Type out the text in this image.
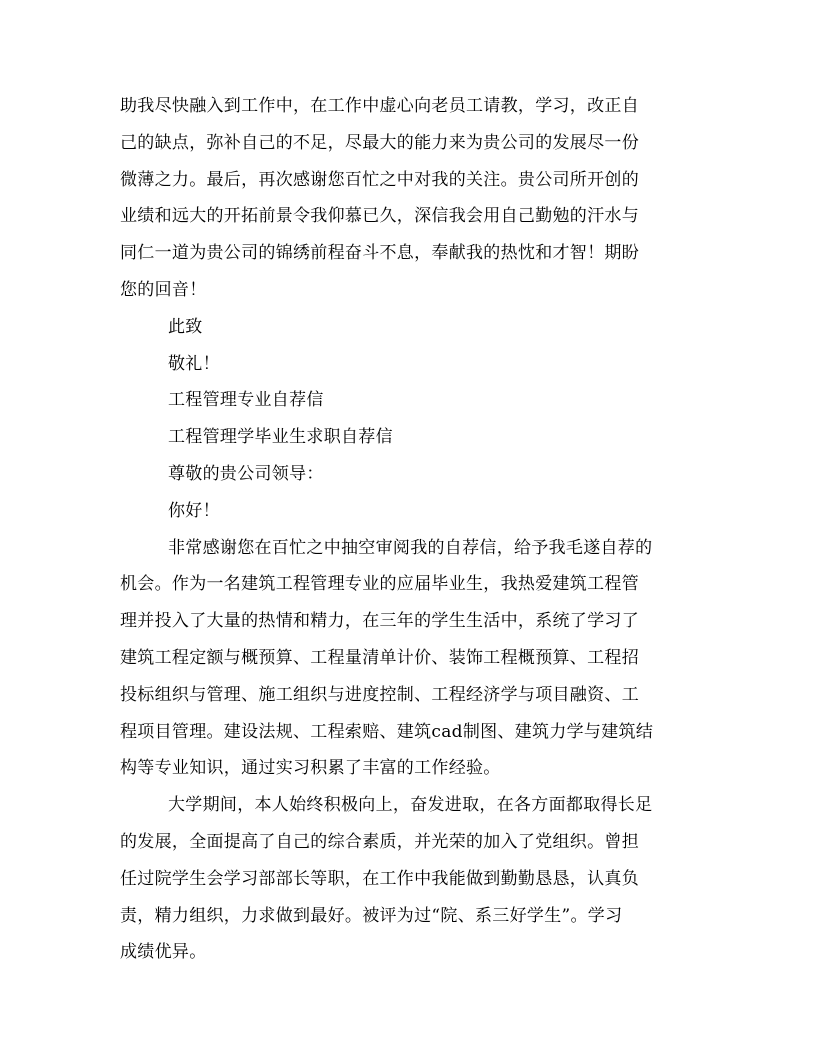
助我尽快融入到工作中，在工作中虚心向老员工请教，学习，改正自
己的缺点，弥补自己的不足，尽最大的能力来为贵公司的发展尽一份
微薄之力。最后，再次感谢您百忙之中对我的关注。贵公司所开创的
业绩和远大的开拓前景令我仰慕已久，深信我会用自己勤勉的汗水与
同仁一道为贵公司的锦绣前程奋斗不息，奉献我的热忱和才智！期盼
您的回音！
此致
敬礼！
工程管理专业自荐信
工程管理学毕业生求职自荐信
尊敬的贵公司领导：
你好！
非常感谢您在百忙之中抽空审阅我的自荐信，给予我毛遂自荐的
机会。作为一名建筑工程管理专业的应届毕业生，我热爱建筑工程管
理并投入了大量的热情和精力，在三年的学生生活中，系统了学习了
建筑工程定额与概预算、工程量清单计价、装饰工程概预算、工程招
投标组织与管理、施工组织与进度控制、工程经济学与项目融资、工
程项目管理。建设法规、工程索赔、建筑cad制图、建筑力学与建筑结
构等专业知识，通过实习积累了丰富的工作经验。
大学期间，本人始终积极向上，奋发进取，在各方面都取得长足
的发展，全面提高了自己的综合素质，并光荣的加入了党组织。曾担
任过院学生会学习部部长等职，在工作中我能做到勤勤恳恳，认真负
责，精力组织，力求做到最好。被评为过“院、系三好学生”。学习
成绩优异。
